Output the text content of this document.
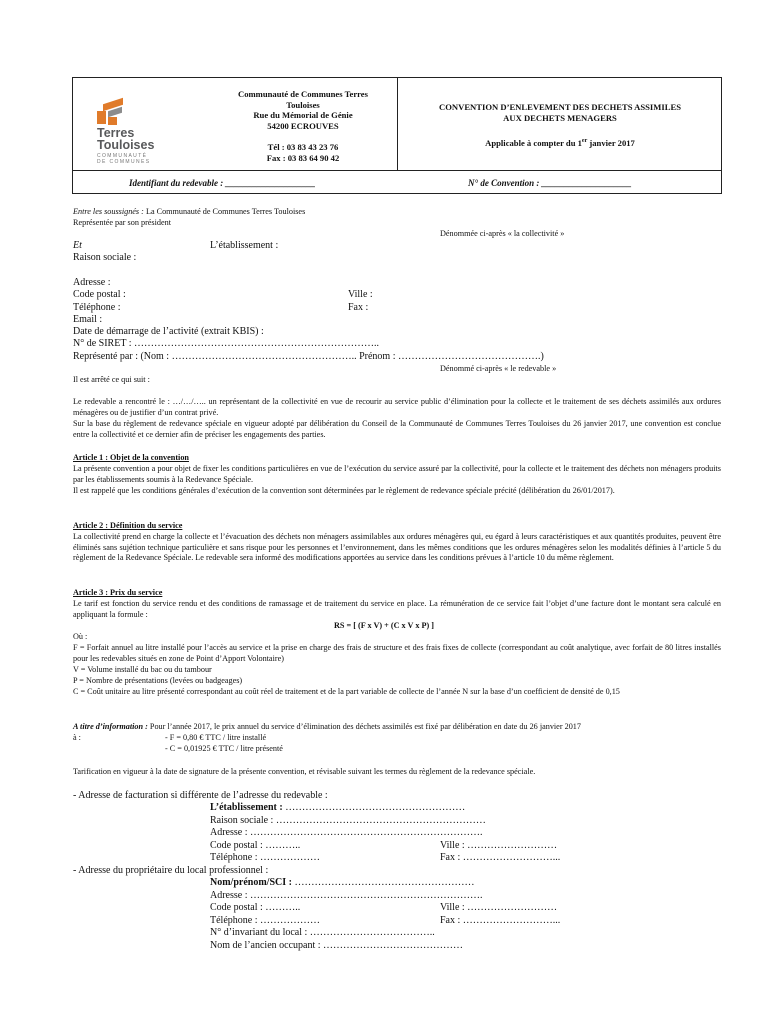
Terres
Touloises
COMMUNAUTÉ
DE COMMUNES
Communauté de Communes Terres
Touloises
Rue du Mémorial de Génie
54200 ECROUVES
Tél : 03 83 43 23 76
Fax : 03 83 64 90 42
CONVENTION D’ENLEVEMENT DES DECHETS ASSIMILES
AUX DECHETS MENAGERS
Applicable à compter du 1er janvier 2017
Identifiant du redevable : ____________________	N° de Convention : ____________________
Entre les soussignés : La Communauté de Communes Terres Touloises
Représentée par son président
Dénommée ci-après « la collectivité »
Et	L’établissement :
Raison sociale :
Adresse :
Code postal :	Ville :
Téléphone :	Fax :
Email :
Date de démarrage de l’activité (extrait KBIS) :
N° de SIRET : ………………………………………………………………..
Représenté par : (Nom : ……………………………………………….. Prénom : …………………………………….)
Dénommé ci-après « le redevable »
Il est arrêté ce qui suit :
Le redevable a rencontré le : …/…/….. un représentant de la collectivité en vue de recourir au service public d’élimination pour la collecte et le traitement de ses déchets assimilés aux ordures ménagères ou de justifier d’un contrat privé.
Sur la base du règlement de redevance spéciale en vigueur adopté par délibération du Conseil de la Communauté de Communes Terres Touloises du 26 janvier 2017, une convention est conclue entre la collectivité et ce dernier afin de préciser les engagements des parties.
Article 1 : Objet de la convention
La présente convention a pour objet de fixer les conditions particulières en vue de l’exécution du service assuré par la collectivité, pour la collecte et le traitement des déchets non ménagers produits par les établissements soumis à la Redevance Spéciale.
Il est rappelé que les conditions générales d’exécution de la convention sont déterminées par le règlement de redevance spéciale précité (délibération du 26/01/2017).
Article 2 : Définition du service
La collectivité prend en charge la collecte et l’évacuation des déchets non ménagers assimilables aux ordures ménagères qui, eu égard à leurs caractéristiques et aux quantités produites, peuvent être éliminés sans sujétion technique particulière et sans risque pour les personnes et l’environnement, dans les mêmes conditions que les ordures ménagères selon les modalités définies à l’article 5 du règlement de la Redevance Spéciale. Le redevable sera informé des modifications apportées au service dans les conditions prévues à l’article 10 du même règlement.
Article 3 : Prix du service
Le tarif est fonction du service rendu et des conditions de ramassage et de traitement du service en place. La rémunération de ce service fait l’objet d’une facture dont le montant sera calculé en appliquant la formule :
RS = [ (F x V) + (C x V x P) ]
Où :
F = Forfait annuel au litre installé pour l’accès au service et la prise en charge des frais de structure et des frais fixes de collecte (correspondant au coût analytique, avec forfait de 80 litres installés pour les redevables situés en zone de Point d’Apport Volontaire)
V = Volume installé du bac ou du tambour
P = Nombre de présentations (levées ou badgeages)
C = Coût unitaire au litre présenté correspondant au coût réel de traitement et de la part variable de collecte de l’année N sur la base d’un coefficient de densité de 0,15
A titre d’information : Pour l’année 2017, le prix annuel du service d’élimination des déchets assimilés est fixé par délibération en date du 26 janvier 2017
à :	- F = 0,80 € TTC / litre installé
- C = 0,01925 € TTC / litre présenté
Tarification en vigueur à la date de signature de la présente convention, et révisable suivant les termes du règlement de la redevance spéciale.
- Adresse de facturation si différente de l’adresse du redevable :
L’établissement : ………………………………………………
Raison sociale : ………………………………………………………
Adresse : …………………………………………………………….
Code postal : ………..	Ville : ………………………
Téléphone : ………………	Fax : ………………………...
- Adresse du propriétaire du local professionnel :
Nom/prénom/SCI : ………………………………………………
Adresse : …………………………………………………………….
Code postal : ………..	Ville : ………………………
Téléphone : ………………	Fax : ………………………...
N° d’invariant du local : ………………………………..
Nom de l’ancien occupant : ……………………………………
